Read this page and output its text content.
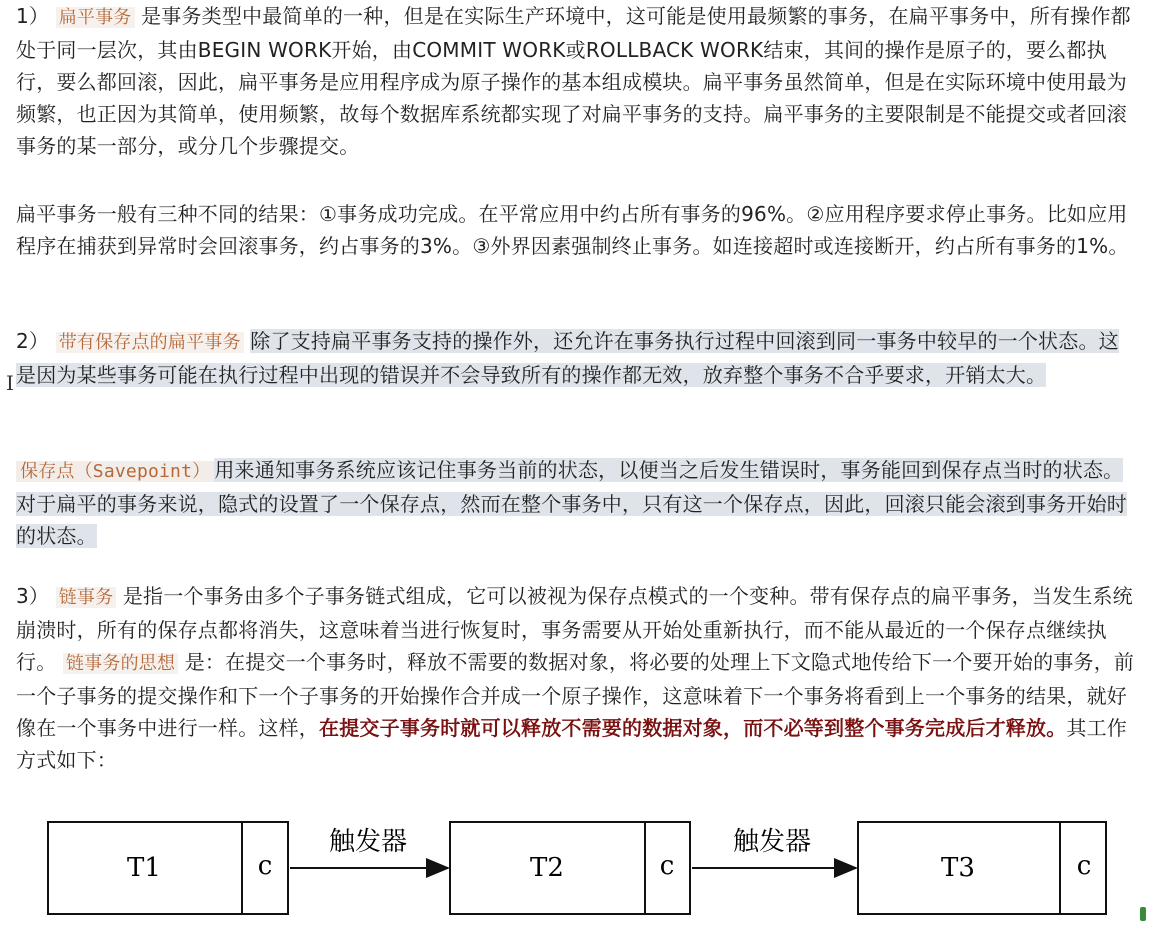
1） 扁平事务 是事务类型中最简单的一种，但是在实际生产环境中，这可能是使用最频繁的事务，在扁平事务中，所有操作都处于同一层次，其由BEGIN WORK开始，由COMMIT WORK或ROLLBACK WORK结束，其间的操作是原子的，要么都执行，要么都回滚，因此，扁平事务是应用程序成为原子操作的基本组成模块。扁平事务虽然简单，但是在实际环境中使用最为频繁，也正因为其简单，使用频繁，故每个数据库系统都实现了对扁平事务的支持。扁平事务的主要限制是不能提交或者回滚事务的某一部分，或分几个步骤提交。

扁平事务一般有三种不同的结果：①事务成功完成。在平常应用中约占所有事务的96%。②应用程序要求停止事务。比如应用程序在捕获到异常时会回滚事务，约占事务的3%。③外界因素强制终止事务。如连接超时或连接断开，约占所有事务的1%。

2） 带有保存点的扁平事务 除了支持扁平事务支持的操作外，还允许在事务执行过程中回滚到同一事务中较早的一个状态。这是因为某些事务可能在执行过程中出现的错误并不会导致所有的操作都无效，放弃整个事务不合乎要求，开销太大。

保存点（Savepoint） 用来通知事务系统应该记住事务当前的状态，以便当之后发生错误时，事务能回到保存点当时的状态。对于扁平的事务来说，隐式的设置了一个保存点，然而在整个事务中，只有这一个保存点，因此，回滚只能会滚到事务开始时的状态。

3） 链事务 是指一个事务由多个子事务链式组成，它可以被视为保存点模式的一个变种。带有保存点的扁平事务，当发生系统崩溃时，所有的保存点都将消失，这意味着当进行恢复时，事务需要从开始处重新执行，而不能从最近的一个保存点继续执行。 链事务的思想 是：在提交一个事务时，释放不需要的数据对象，将必要的处理上下文隐式地传给下一个要开始的事务，前一个子事务的提交操作和下一个子事务的开始操作合并成一个原子操作，这意味着下一个事务将看到上一个事务的结果，就好像在一个事务中进行一样。这样，在提交子事务时就可以释放不需要的数据对象，而不必等到整个事务完成后才释放。其工作方式如下：

I
T1	c
触发器
T2	c
触发器
T3	c
